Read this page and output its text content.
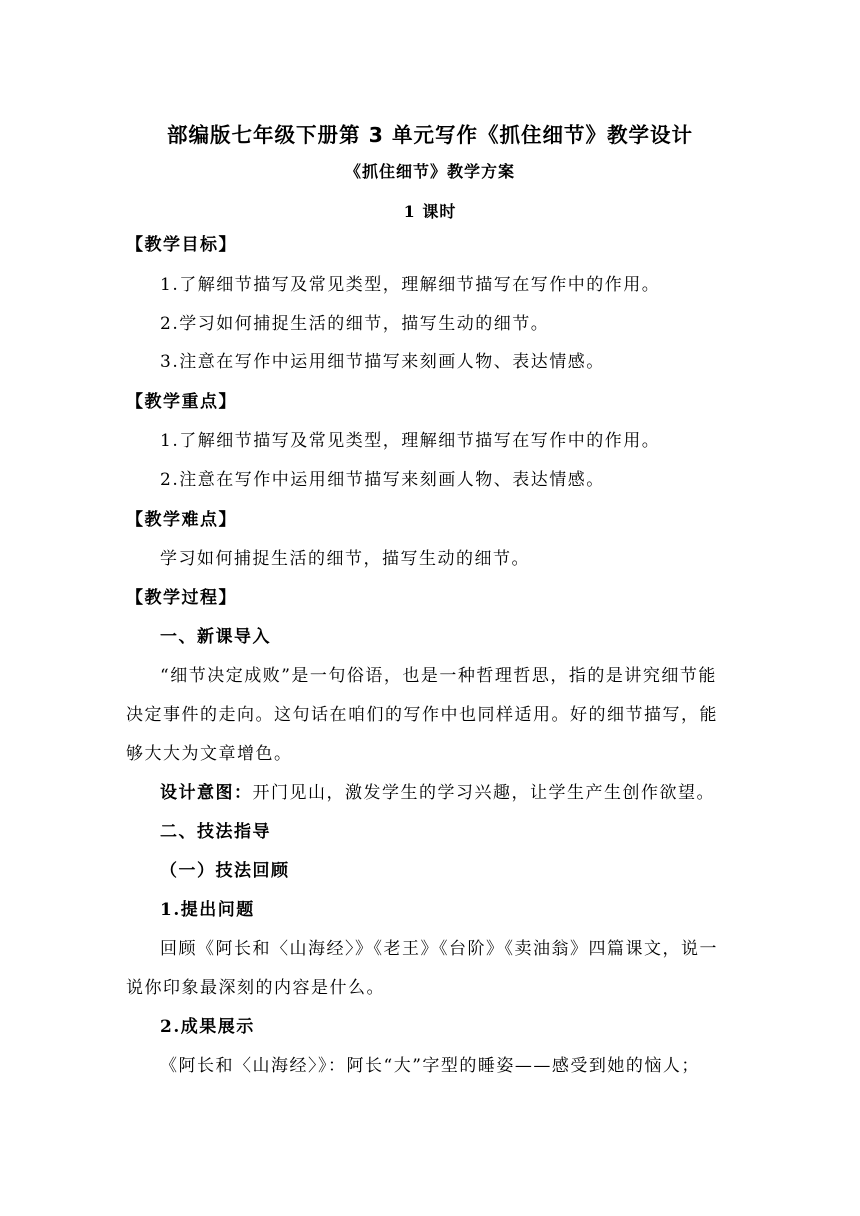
部编版七年级下册第 3 单元写作《抓住细节》教学设计
《抓住细节》教学方案
1 课时
【教学目标】
1.了解细节描写及常见类型，理解细节描写在写作中的作用。
2.学习如何捕捉生活的细节，描写生动的细节。
3.注意在写作中运用细节描写来刻画人物、表达情感。
【教学重点】
1.了解细节描写及常见类型，理解细节描写在写作中的作用。
2.注意在写作中运用细节描写来刻画人物、表达情感。
【教学难点】
学习如何捕捉生活的细节，描写生动的细节。
【教学过程】
一、新课导入
“细节决定成败”是一句俗语，也是一种哲理哲思，指的是讲究细节能
决定事件的走向。这句话在咱们的写作中也同样适用。好的细节描写，能
够大大为文章增色。
设计意图：开门见山，激发学生的学习兴趣，让学生产生创作欲望。
二、技法指导
（一）技法回顾
1.提出问题
回顾《阿长和〈山海经〉》《老王》《台阶》《卖油翁》四篇课文，说一
说你印象最深刻的内容是什么。
2.成果展示
《阿长和〈山海经〉》：阿长“大”字型的睡姿——感受到她的恼人；
